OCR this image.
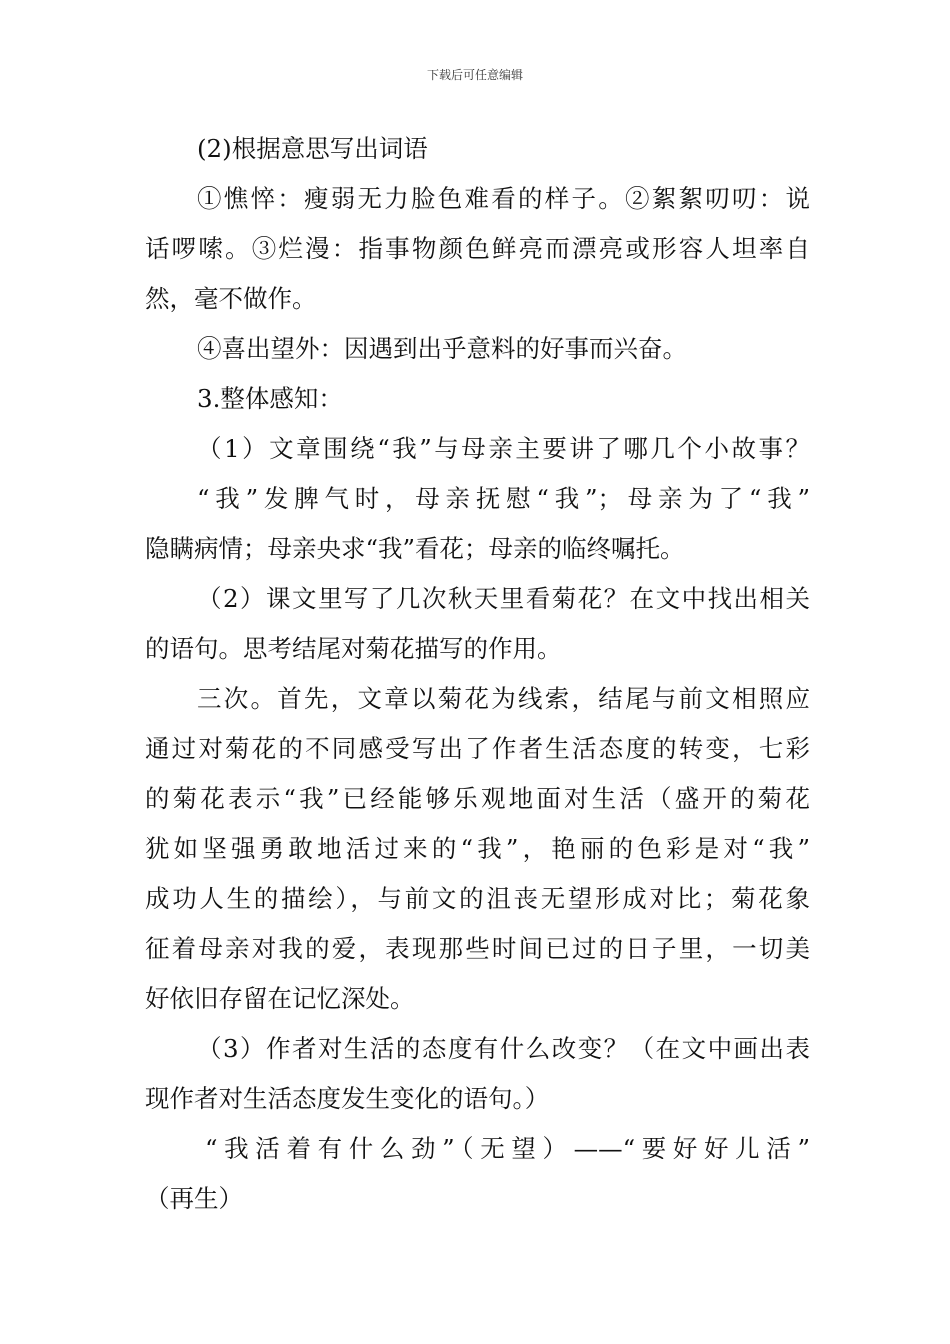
下载后可任意编辑
(2)根据意思写出词语
①憔悴：瘦弱无力脸色难看的样子。②絮絮叨叨：说
话啰嗦。③烂漫：指事物颜色鲜亮而漂亮或形容人坦率自
然，毫不做作。
④喜出望外：因遇到出乎意料的好事而兴奋。
3.整体感知：
（1）文章围绕“我”与母亲主要讲了哪几个小故事？
“我”发脾气时，母亲抚慰“我”；母亲为了“我”
隐瞒病情；母亲央求“我”看花；母亲的临终嘱托。
（2）课文里写了几次秋天里看菊花？在文中找出相关
的语句。思考结尾对菊花描写的作用。
三次。首先，文章以菊花为线索，结尾与前文相照应
通过对菊花的不同感受写出了作者生活态度的转变，七彩
的菊花表示“我”已经能够乐观地面对生活（盛开的菊花
犹如坚强勇敢地活过来的“我”，艳丽的色彩是对“我”
成功人生的描绘），与前文的沮丧无望形成对比；菊花象
征着母亲对我的爱，表现那些时间已过的日子里，一切美
好依旧存留在记忆深处。
（3）作者对生活的态度有什么改变？（在文中画出表
现作者对生活态度发生变化的语句。）
“我活着有什么劲”（无望）——“要好好儿活”
（再生）
